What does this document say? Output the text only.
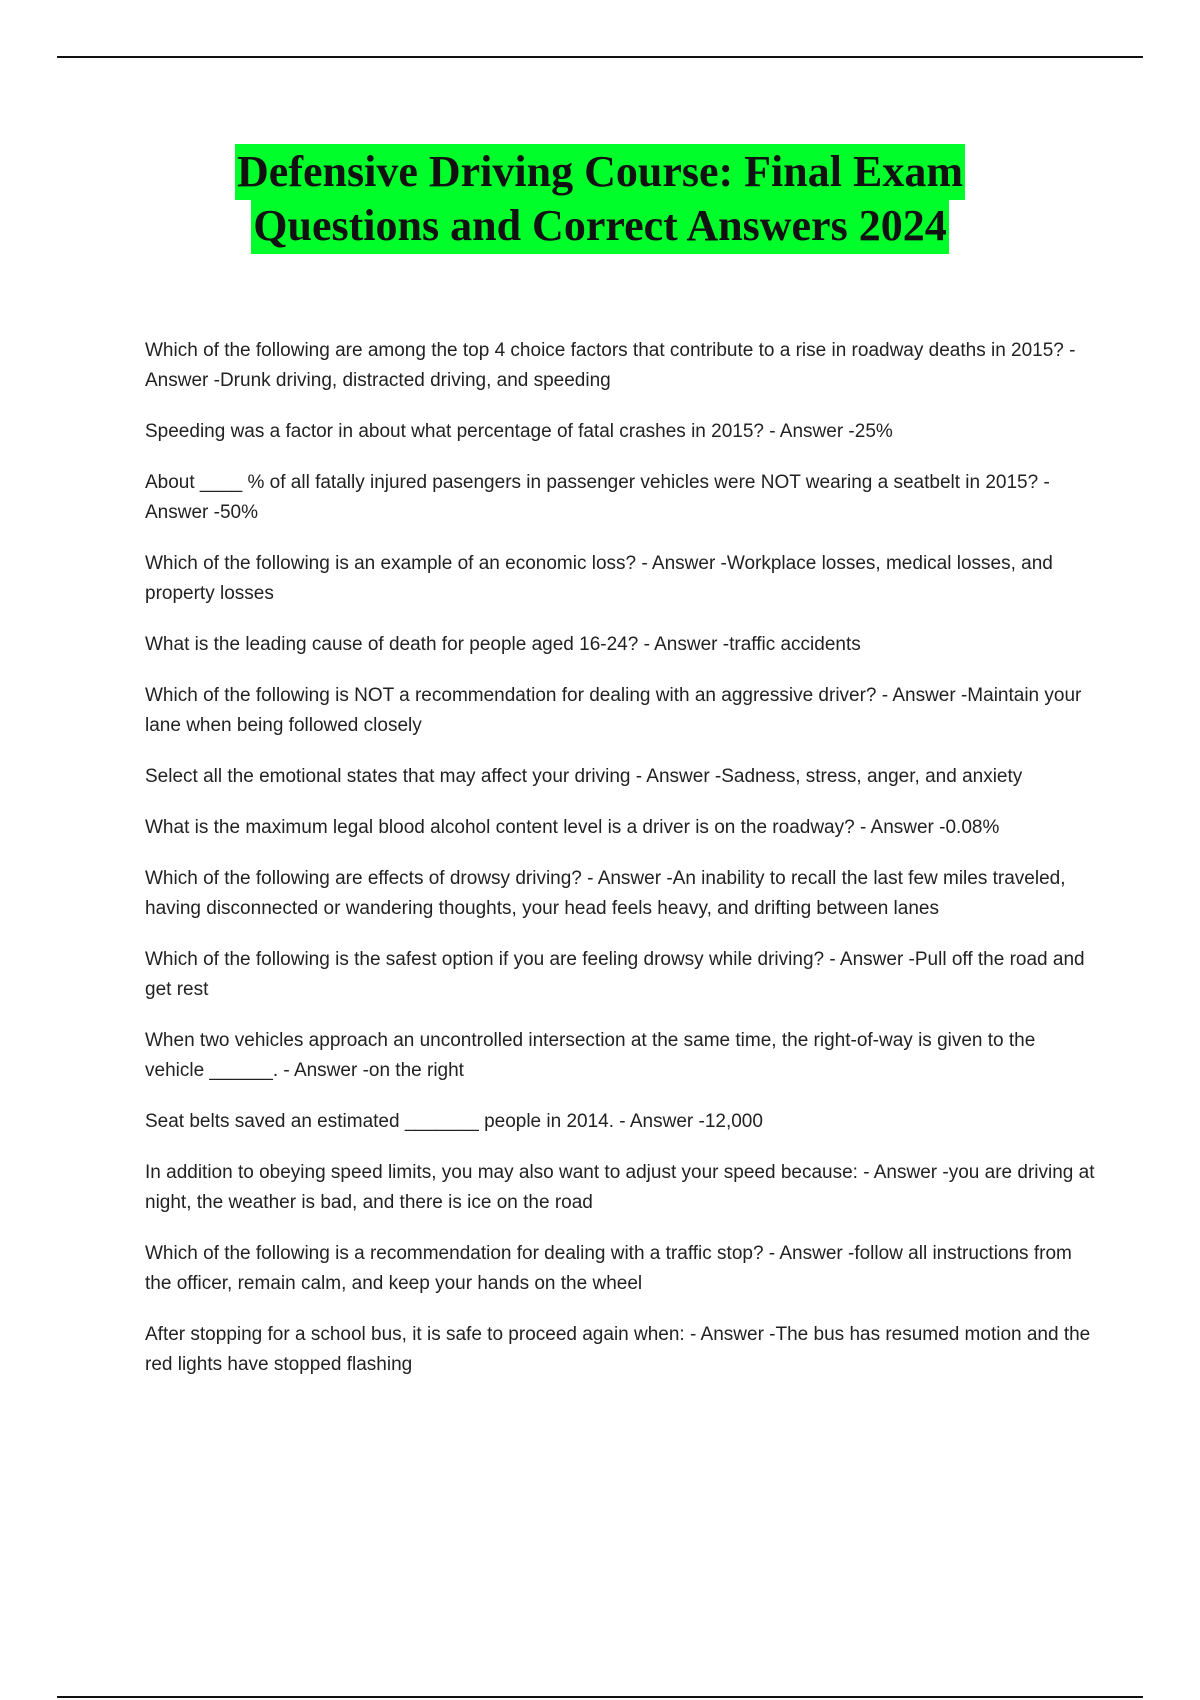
Defensive Driving Course: Final Exam
Questions and Correct Answers 2024

Which of the following are among the top 4 choice factors that contribute to a rise in roadway deaths in 2015? - Answer -Drunk driving, distracted driving, and speeding

Speeding was a factor in about what percentage of fatal crashes in 2015? - Answer -25%

About ____ % of all fatally injured pasengers in passenger vehicles were NOT wearing a seatbelt in 2015? - Answer -50%

Which of the following is an example of an economic loss? - Answer -Workplace losses, medical losses, and property losses

What is the leading cause of death for people aged 16-24? - Answer -traffic accidents

Which of the following is NOT a recommendation for dealing with an aggressive driver? - Answer -Maintain your lane when being followed closely

Select all the emotional states that may affect your driving - Answer -Sadness, stress, anger, and anxiety

What is the maximum legal blood alcohol content level is a driver is on the roadway? - Answer -0.08%

Which of the following are effects of drowsy driving? - Answer -An inability to recall the last few miles traveled, having disconnected or wandering thoughts, your head feels heavy, and drifting between lanes

Which of the following is the safest option if you are feeling drowsy while driving? - Answer -Pull off the road and get rest

When two vehicles approach an uncontrolled intersection at the same time, the right-of-way is given to the vehicle ______. - Answer -on the right

Seat belts saved an estimated _______ people in 2014. - Answer -12,000

In addition to obeying speed limits, you may also want to adjust your speed because: - Answer -you are driving at night, the weather is bad, and there is ice on the road

Which of the following is a recommendation for dealing with a traffic stop? - Answer -follow all instructions from the officer, remain calm, and keep your hands on the wheel

After stopping for a school bus, it is safe to proceed again when: - Answer -The bus has resumed motion and the red lights have stopped flashing
